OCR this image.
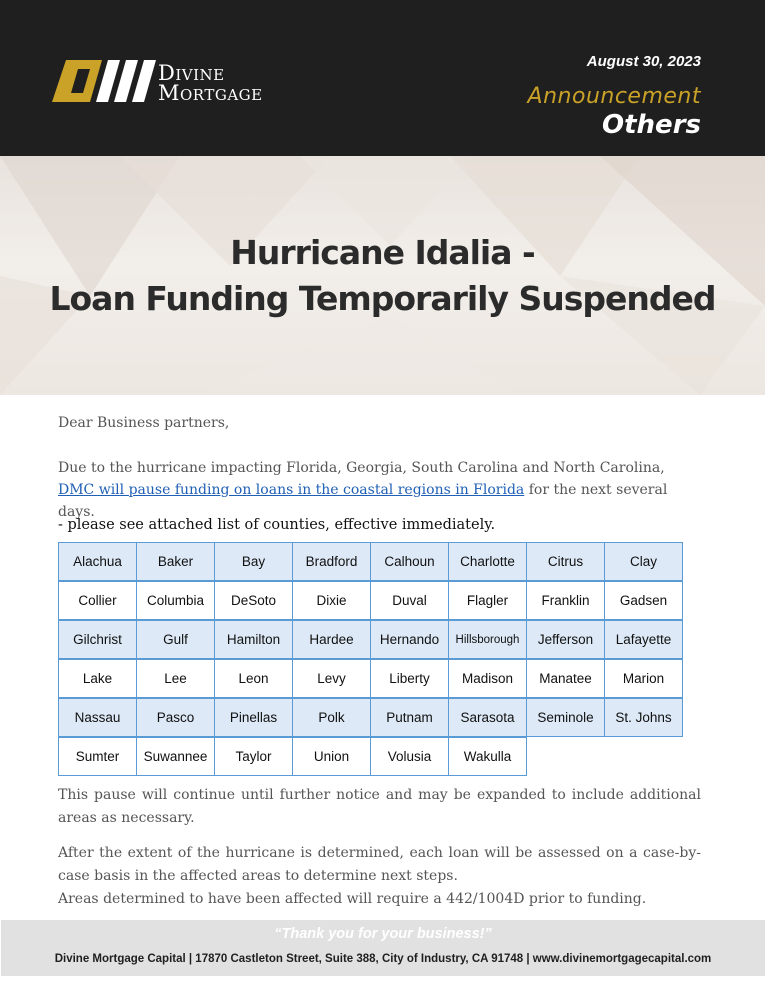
Divine
Mortgage
August 30, 2023
Announcement
Others
Hurricane Idalia -
Loan Funding Temporarily Suspended
Dear Business partners,
Due to the hurricane impacting Florida, Georgia, South Carolina and North Carolina,
DMC will pause funding on loans in the coastal regions in Florida for the next several days.
- please see attached list of counties, effective immediately.
Alachua	Baker	Bay	Bradford	Calhoun	Charlotte	Citrus	Clay
Collier	Columbia	DeSoto	Dixie	Duval	Flagler	Franklin	Gadsen
Gilchrist	Gulf	Hamilton	Hardee	Hernando	Hillsborough	Jefferson	Lafayette
Lake	Lee	Leon	Levy	Liberty	Madison	Manatee	Marion
Nassau	Pasco	Pinellas	Polk	Putnam	Sarasota	Seminole	St. Johns
Sumter	Suwannee	Taylor	Union	Volusia	Wakulla
This pause will continue until further notice and may be expanded to include additional areas as necessary.
After the extent of the hurricane is determined, each loan will be assessed on a case-by-case basis in the affected areas to determine next steps.
Areas determined to have been affected will require a 442/1004D prior to funding.
“Thank you for your business!”
Divine Mortgage Capital | 17870 Castleton Street, Suite 388, City of Industry, CA 91748 | www.divinemortgagecapital.com
